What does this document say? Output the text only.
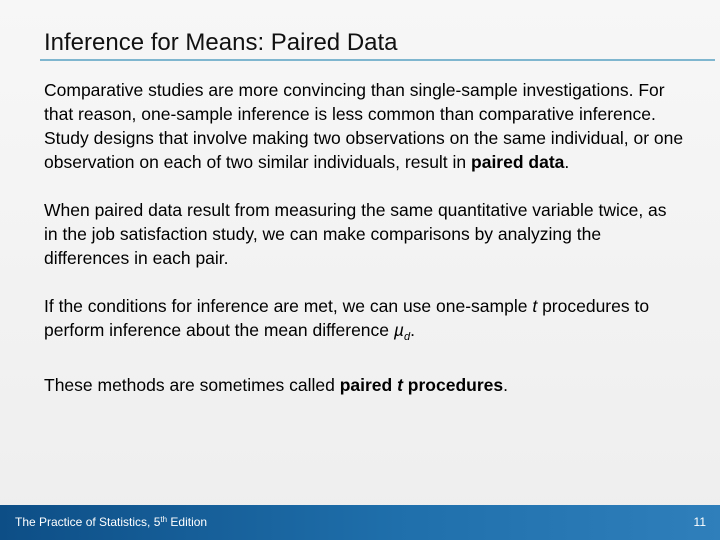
Inference for Means: Paired Data

Comparative studies are more convincing than single-sample investigations. For that reason, one-sample inference is less common than comparative inference. Study designs that involve making two observations on the same individual, or one observation on each of two similar individuals, result in paired data.

When paired data result from measuring the same quantitative variable twice, as in the job satisfaction study, we can make comparisons by analyzing the differences in each pair.

If the conditions for inference are met, we can use one-sample t procedures to perform inference about the mean difference µ$_d$.

These methods are sometimes called paired t procedures.

The Practice of Statistics, 5th Edition	11
